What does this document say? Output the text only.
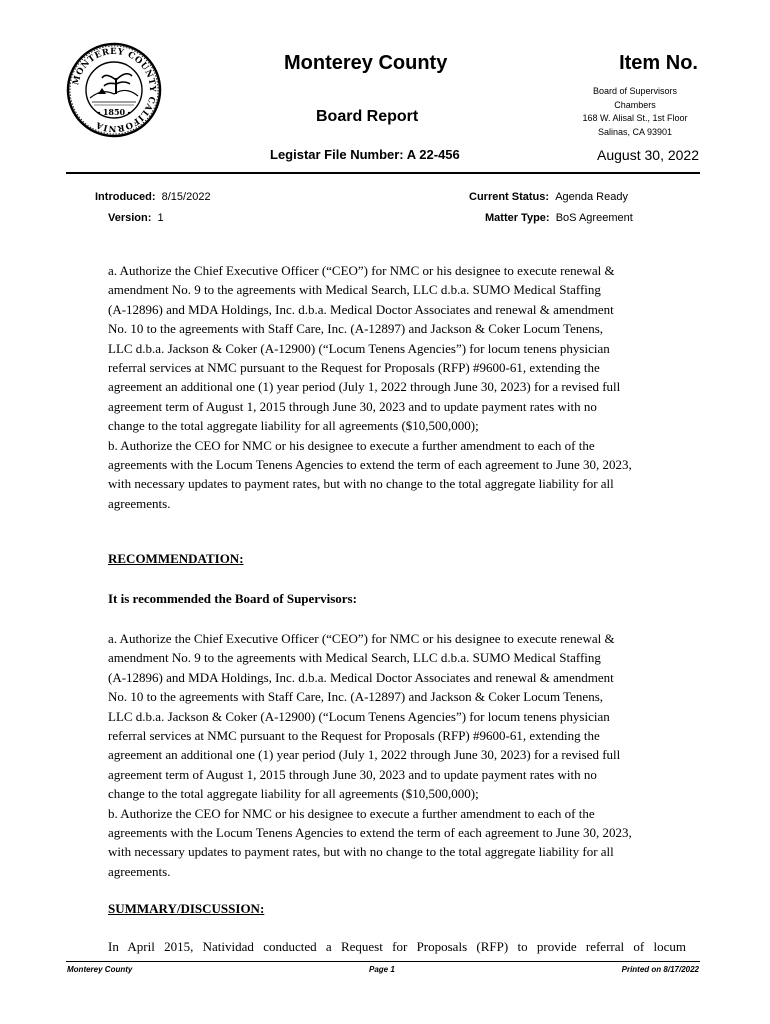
MONTEREY COUNTY CALIFORNIA
1850
Monterey County
Board Report
Legistar File Number: A 22-456
Item No.
Board of Supervisors
Chambers
168 W. Alisal St., 1st Floor
Salinas, CA 93901
August 30, 2022
Introduced: 8/15/2022
Version: 1
Current Status: Agenda Ready
Matter Type: BoS Agreement
a. Authorize the Chief Executive Officer (“CEO”) for NMC or his designee to execute renewal &
amendment No. 9 to the agreements with Medical Search, LLC d.b.a. SUMO Medical Staffing
(A-12896) and MDA Holdings, Inc. d.b.a. Medical Doctor Associates and renewal & amendment
No. 10 to the agreements with Staff Care, Inc. (A-12897) and Jackson & Coker Locum Tenens,
LLC d.b.a. Jackson & Coker (A-12900) (“Locum Tenens Agencies”) for locum tenens physician
referral services at NMC pursuant to the Request for Proposals (RFP) #9600-61, extending the
agreement an additional one (1) year period (July 1, 2022 through June 30, 2023) for a revised full
agreement term of August 1, 2015 through June 30, 2023 and to update payment rates with no
change to the total aggregate liability for all agreements ($10,500,000);
b. Authorize the CEO for NMC or his designee to execute a further amendment to each of the
agreements with the Locum Tenens Agencies to extend the term of each agreement to June 30, 2023,
with necessary updates to payment rates, but with no change to the total aggregate liability for all
agreements.
RECOMMENDATION:
It is recommended the Board of Supervisors:
a. Authorize the Chief Executive Officer (“CEO”) for NMC or his designee to execute renewal &
amendment No. 9 to the agreements with Medical Search, LLC d.b.a. SUMO Medical Staffing
(A-12896) and MDA Holdings, Inc. d.b.a. Medical Doctor Associates and renewal & amendment
No. 10 to the agreements with Staff Care, Inc. (A-12897) and Jackson & Coker Locum Tenens,
LLC d.b.a. Jackson & Coker (A-12900) (“Locum Tenens Agencies”) for locum tenens physician
referral services at NMC pursuant to the Request for Proposals (RFP) #9600-61, extending the
agreement an additional one (1) year period (July 1, 2022 through June 30, 2023) for a revised full
agreement term of August 1, 2015 through June 30, 2023 and to update payment rates with no
change to the total aggregate liability for all agreements ($10,500,000);
b. Authorize the CEO for NMC or his designee to execute a further amendment to each of the
agreements with the Locum Tenens Agencies to extend the term of each agreement to June 30, 2023,
with necessary updates to payment rates, but with no change to the total aggregate liability for all
agreements.
SUMMARY/DISCUSSION:
In April 2015, Natividad conducted a Request for Proposals (RFP) to provide referral of locum
Monterey County	Page 1	Printed on 8/17/2022
